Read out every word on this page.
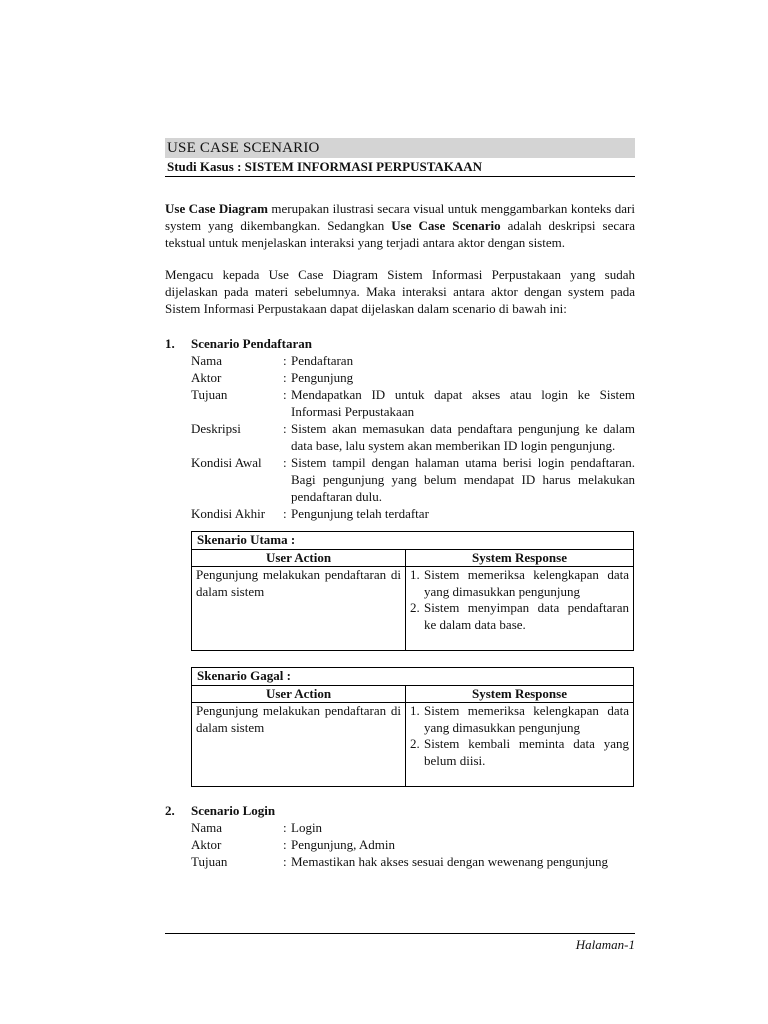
USE CASE SCENARIO
Studi Kasus : SISTEM INFORMASI PERPUSTAKAAN

Use Case Diagram merupakan ilustrasi secara visual untuk menggambarkan konteks dari system yang dikembangkan. Sedangkan Use Case Scenario adalah deskripsi secara tekstual untuk menjelaskan interaksi yang terjadi antara aktor dengan sistem.

Mengacu kepada Use Case Diagram Sistem Informasi Perpustakaan yang sudah dijelaskan pada materi sebelumnya. Maka interaksi antara aktor dengan system pada Sistem Informasi Perpustakaan dapat dijelaskan dalam scenario di bawah ini:

1.	Scenario Pendaftaran
Nama	: Pendaftaran
Aktor	: Pengunjung
Tujuan	: Mendapatkan ID untuk dapat akses atau login ke Sistem Informasi Perpustakaan
Deskripsi	: Sistem akan memasukan data pendaftara pengunjung ke dalam data base, lalu system akan memberikan ID login pengunjung.
Kondisi Awal	: Sistem tampil dengan halaman utama berisi login pendaftaran. Bagi pengunjung yang belum mendapat ID harus melakukan pendaftaran dulu.
Kondisi Akhir	: Pengunjung telah terdaftar
Skenario Utama :	
User Action	System Response
Pengunjung melakukan pendaftaran di dalam sistem	1. Sistem memeriksa kelengkapan data yang dimasukkan pengunjung
2. Sistem menyimpan data pendaftaran ke dalam data base.
Skenario Gagal :	
User Action	System Response
Pengunjung melakukan pendaftaran di dalam sistem	1. Sistem memeriksa kelengkapan data yang dimasukkan pengunjung
2. Sistem kembali meminta data yang belum diisi.
2.	Scenario Login
Nama	: Login
Aktor	: Pengunjung, Admin
Tujuan	: Memastikan hak akses sesuai dengan wewenang pengunjung
Halaman-1
